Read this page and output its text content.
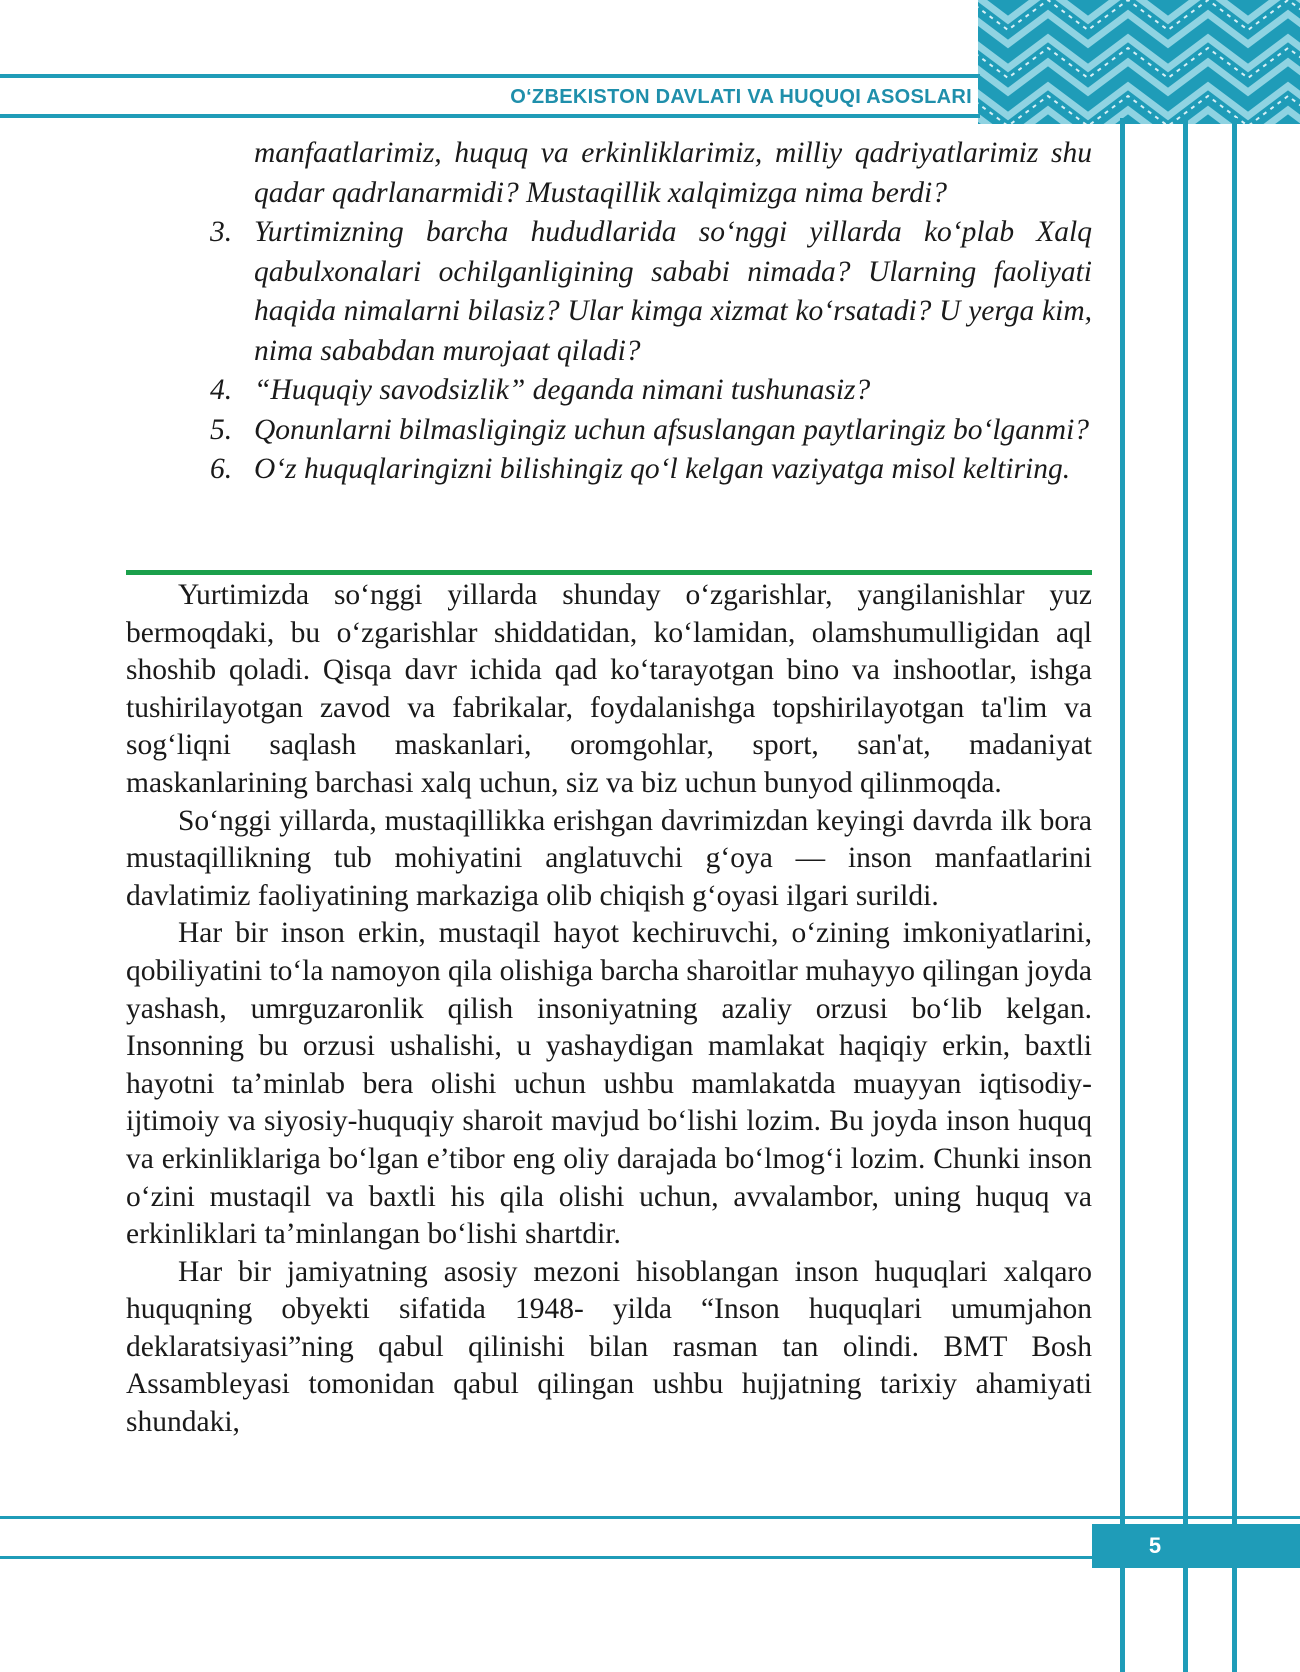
O‘ZBEKISTON DAVLATI VA HUQUQI ASOSLARI
manfaatlarimiz, huquq va erkinliklarimiz, milliy qadriyatlarimiz shu qadar qadrlanarmidi? Mustaqillik xalqimizga nima berdi?
3. Yurtimizning barcha hududlarida so‘nggi yillarda ko‘plab Xalq qabulxonalari ochilganligining sababi nimada? Ularning faoliyati haqida nimalarni bilasiz? Ular kimga xizmat ko‘rsatadi? U yerga kim, nima sababdan murojaat qiladi?
4. “Huquqiy savodsizlik” deganda nimani tushunasiz?
5. Qonunlarni bilmasligingiz uchun afsuslangan paytlaringiz bo‘lganmi?
6. O‘z huquqlaringizni bilishingiz qo‘l kelgan vaziyatga misol keltiring.

Yurtimizda so‘nggi yillarda shunday o‘zgarishlar, yangilanishlar yuz bermoqdaki, bu o‘zgarishlar shiddatidan, ko‘lamidan, olamshumulligidan aql shoshib qoladi. Qisqa davr ichida qad ko‘tarayotgan bino va inshootlar, ishga tushirilayotgan zavod va fabrikalar, foydalanishga topshirilayotgan ta'lim va sog‘liqni saqlash maskanlari, oromgohlar, sport, san'at, madaniyat maskanlarining barchasi xalq uchun, siz va biz uchun bunyod qilinmoqda.

So‘nggi yillarda, mustaqillikka erishgan davrimizdan keyingi davrda ilk bora mustaqillikning tub mohiyatini anglatuvchi g‘oya — inson manfaatlarini davlatimiz faoliyatining markaziga olib chiqish g‘oyasi ilgari surildi.

Har bir inson erkin, mustaqil hayot kechiruvchi, o‘zining imkoniyatlarini, qobiliyatini to‘la namoyon qila olishiga barcha sharoitlar muhayyo qilingan joyda yashash, umrguzaronlik qilish insoniyatning azaliy orzusi bo‘lib kelgan. Insonning bu orzusi ushalishi, u yashaydigan mamlakat haqiqiy erkin, baxtli hayotni ta’minlab bera olishi uchun ushbu mamlakatda muayyan iqtisodiy-ijtimoiy va siyosiy-huquqiy sharoit mavjud bo‘lishi lozim. Bu joyda inson huquq va erkinliklariga bo‘lgan e’tibor eng oliy darajada bo‘lmog‘i lozim. Chunki inson o‘zini mustaqil va baxtli his qila olishi uchun, avvalambor, uning huquq va erkinliklari ta’minlangan bo‘lishi shartdir.

Har bir jamiyatning asosiy mezoni hisoblangan inson huquqlari xalqaro huquqning obyekti sifatida 1948- yilda “Inson huquqlari umumjahon deklaratsiyasi”ning qabul qilinishi bilan rasman tan olindi. BMT Bosh Assambleyasi tomonidan qabul qilingan ushbu hujjatning tarixiy ahamiyati shundaki,

5
